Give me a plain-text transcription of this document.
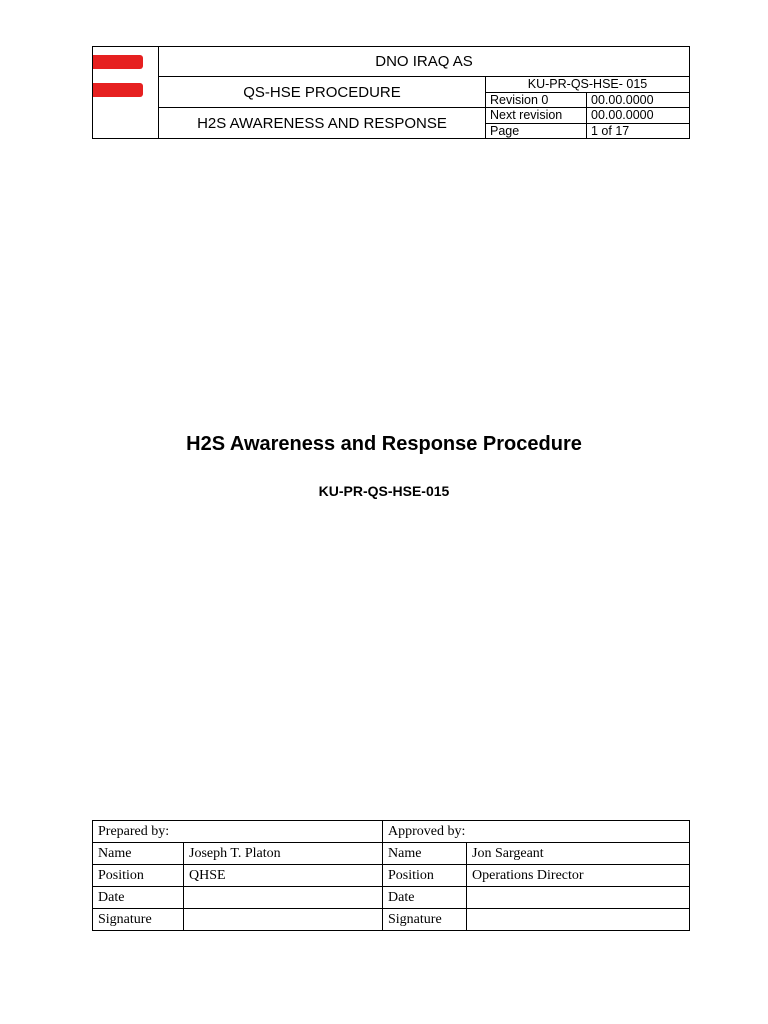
	DNO IRAQ AS		
	QS-HSE PROCEDURE	KU-PR-QS-HSE- 015	
		Revision 0	00.00.0000
	H2S AWARENESS AND RESPONSE	Next revision	00.00.0000
		Page	1 of 17
H2S Awareness and Response Procedure
KU-PR-QS-HSE-015
Prepared by:		Approved by:	
Name	Joseph T. Platon	Name	Jon Sargeant
Position	QHSE	Position	Operations Director
Date		Date	
Signature		Signature	
